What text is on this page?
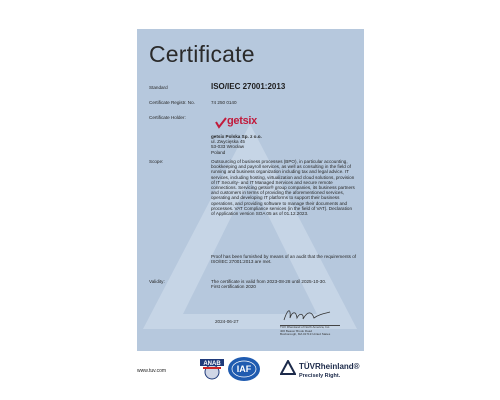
Certificate
Standard	ISO/IEC 27001:2013
Certificate Registr. No.	74 250 0140
Certificate Holder:	getsix
getsix Polska Sp. z o.o.
ul. Zwycięska 45
53-033 Wrocław
Poland
Scope:	Outsourcing of business processes (BPO), in particular accounting, bookkeeping and payroll services, as well as consulting in the field of running and business organization including tax and legal advice. IT services, including hosting, virtualization and cloud solutions, provision of IT Security- and IT Managed Services and secure remote connections. Servicing getsix® group companies, its business partners and customers in terms of providing the aforementioned services, operating and developing IT platforms to support their business operations, and providing software to manage their documents and processes. VAT Compliance services (in the field of VAT). Declaration of Application version SOA 05 as of 01.12.2023.
Proof has been furnished by means of an audit that the requirements of ISO/IEC 27001:2013 are met.
Validity:	The certificate is valid from 2023-08-28 until 2025-10-30.
First certification 2020
2024-06-27
TÜV Rheinland of North America, Inc.
400 Beaver Brook Road
Boxborough, MA 01719 United States
www.tuv.com
ANAB IAF	TÜVRheinland®
Precisely Right.
